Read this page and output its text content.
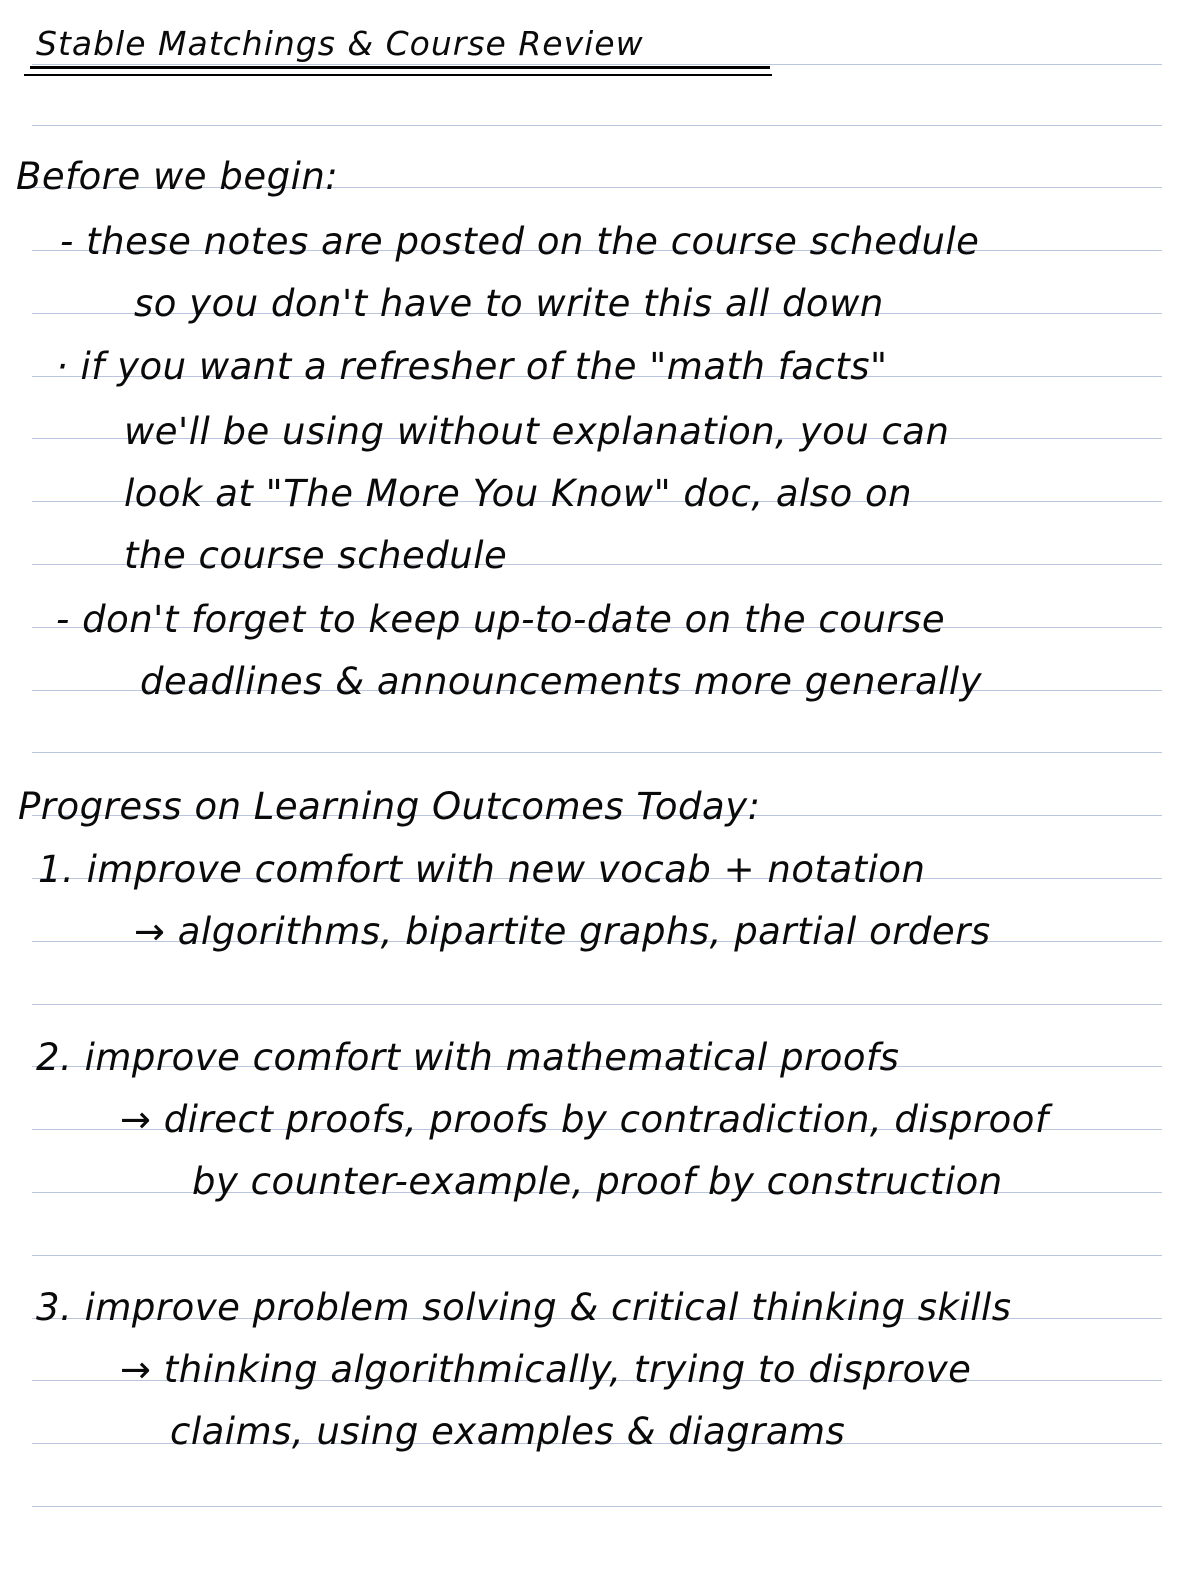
Stable Matchings & Course Review
Before we begin:
- these notes are posted on the course schedule
so you don't have to write this all down
· if you want a refresher of the "math facts"
we'll be using without explanation, you can
look at "The More You Know" doc, also on
the course schedule
- don't forget to keep up-to-date on the course
deadlines & announcements more generally
Progress on Learning Outcomes Today:
1. improve comfort with new vocab + notation
→ algorithms, bipartite graphs, partial orders
2. improve comfort with mathematical proofs
→ direct proofs, proofs by contradiction, disproof
by counter-example, proof by construction
3. improve problem solving & critical thinking skills
→ thinking algorithmically, trying to disprove
claims, using examples & diagrams
